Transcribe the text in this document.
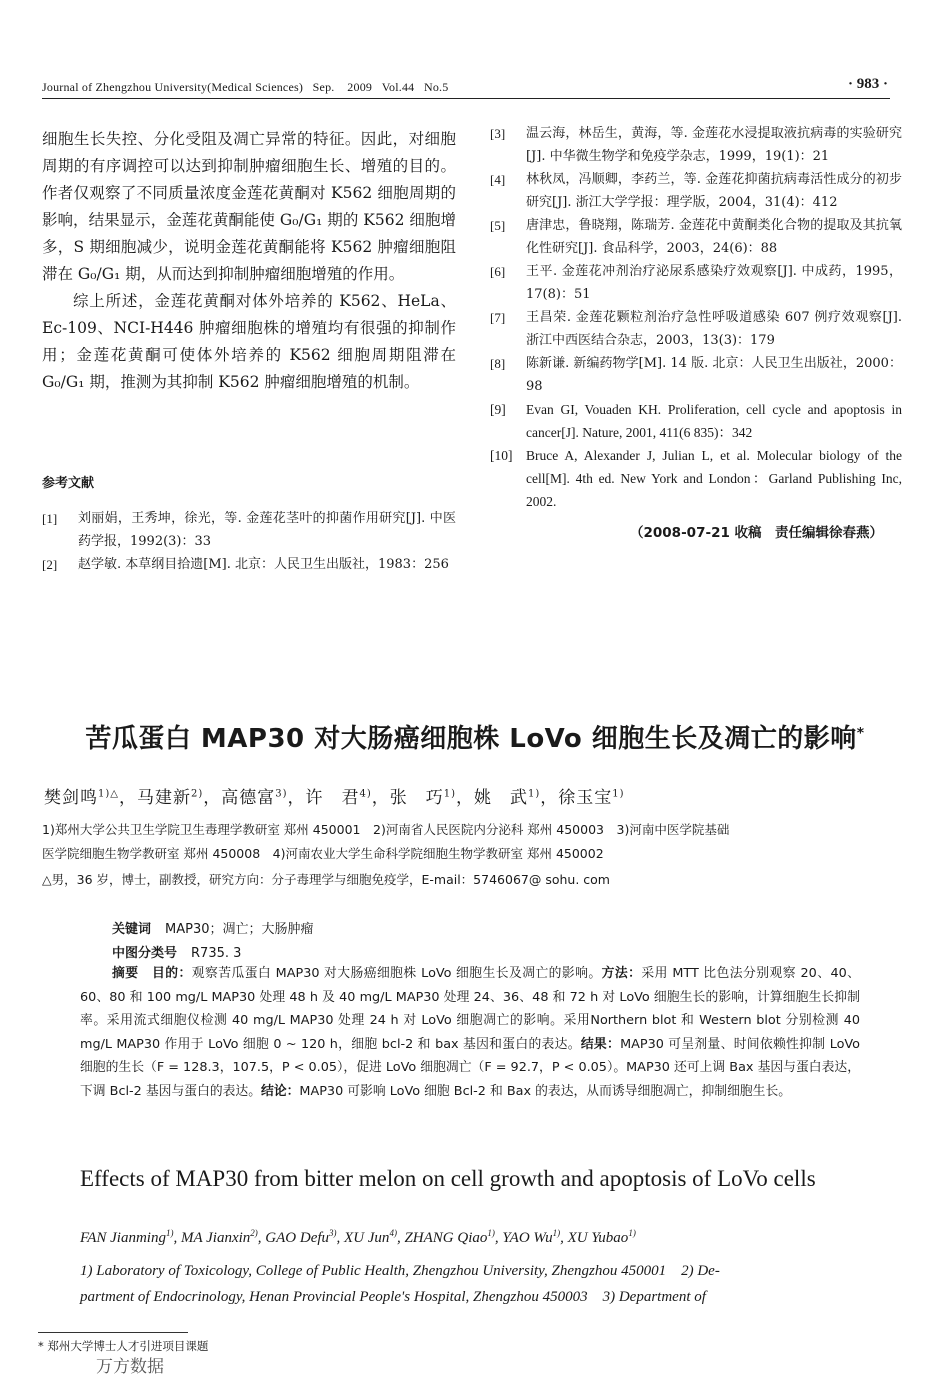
Journal of Zhengzhou University(Medical Sciences) Sep. 2009 Vol.44 No.5	· 983 ·

细胞生长失控、分化受阻及凋亡异常的特征。因此，对细胞周期的有序调控可以达到抑制肿瘤细胞生长、增殖的目的。作者仅观察了不同质量浓度金莲花黄酮对 K562 细胞周期的影响，结果显示，金莲花黄酮能使 G₀/G₁ 期的 K562 细胞增多，S 期细胞减少，说明金莲花黄酮能将 K562 肿瘤细胞阻滞在 G₀/G₁ 期，从而达到抑制肿瘤细胞增殖的作用。

综上所述，金莲花黄酮对体外培养的 K562、HeLa、Ec-109、NCI-H446 肿瘤细胞株的增殖均有很强的抑制作用；金莲花黄酮可使体外培养的 K562 细胞周期阻滞在 G₀/G₁ 期，推测为其抑制 K562 肿瘤细胞增殖的机制。

参考文献
[1]	刘丽娟，王秀坤，徐光，等. 金莲花茎叶的抑菌作用研究[J]. 中医药学报，1992(3)：33
[2]	赵学敏. 本草纲目拾遗[M]. 北京：人民卫生出版社，1983：256
[3]	温云海，林岳生，黄海，等. 金莲花水浸提取液抗病毒的实验研究[J]. 中华微生物学和免疫学杂志，1999，19(1)：21
[4]	林秋凤，冯顺卿，李药兰，等. 金莲花抑菌抗病毒活性成分的初步研究[J]. 浙江大学学报：理学版，2004，31(4)：412
[5]	唐津忠，鲁晓翔，陈瑞芳. 金莲花中黄酮类化合物的提取及其抗氧化性研究[J]. 食品科学，2003，24(6)：88
[6]	王平. 金莲花冲剂治疗泌尿系感染疗效观察[J]. 中成药，1995，17(8)：51
[7]	王昌荣. 金莲花颗粒剂治疗急性呼吸道感染 607 例疗效观察[J]. 浙江中西医结合杂志，2003，13(3)：179
[8]	陈新谦. 新编药物学[M]. 14 版. 北京：人民卫生出版社，2000：98
[9]	Evan GI, Vouaden KH. Proliferation, cell cycle and apoptosis in cancer[J]. Nature, 2001, 411(6 835)：342
[10]	Bruce A, Alexander J, Julian L, et al. Molecular biology of the cell[M]. 4th ed. New York and London：Garland Publishing Inc, 2002.
（2008-07-21 收稿　责任编辑徐春燕）
苦瓜蛋白 MAP30 对大肠癌细胞株 LoVo 细胞生长及凋亡的影响*
樊剑鸣$^{1)\triangle}$，马建新$^{2)}$，高德富$^{3)}$，许　君$^{4)}$，张　巧$^{1)}$，姚　武$^{1)}$，徐玉宝$^{1)}$
1)郑州大学公共卫生学院卫生毒理学教研室 郑州 450001　2)河南省人民医院内分泌科 郑州 450003　3)河南中医学院基础
医学院细胞生物学教研室 郑州 450008　4)河南农业大学生命科学院细胞生物学教研室 郑州 450002
△男，36 岁，博士，副教授，研究方向：分子毒理学与细胞免疫学，E-mail：5746067@ sohu. com
关键词 MAP30；凋亡；大肠肿瘤
中图分类号 R735. 3
摘要 目的：观察苦瓜蛋白 MAP30 对大肠癌细胞株 LoVo 细胞生长及凋亡的影响。方法：采用 MTT 比色法分别观察 20、40、60、80 和 100 mg/L MAP30 处理 48 h 及 40 mg/L MAP30 处理 24、36、48 和 72 h 对 LoVo 细胞生长的影响，计算细胞生长抑制率。采用流式细胞仪检测 40 mg/L MAP30 处理 24 h 对 LoVo 细胞凋亡的影响。采用Northern blot 和 Western blot 分别检测 40 mg/L MAP30 作用于 LoVo 细胞 0 ~ 120 h，细胞 bcl-2 和 bax 基因和蛋白的表达。结果：MAP30 可呈剂量、时间依赖性抑制 LoVo 细胞的生长（F = 128.3，107.5，P < 0.05），促进 LoVo 细胞凋亡（F = 92.7，P < 0.05）。MAP30 还可上调 Bax 基因与蛋白表达，下调 Bcl-2 基因与蛋白的表达。结论：MAP30 可影响 LoVo 细胞 Bcl-2 和 Bax 的表达，从而诱导细胞凋亡，抑制细胞生长。
Effects of MAP30 from bitter melon on cell growth and apoptosis of LoVo cells
FAN Jianming$^{1)}$, MA Jianxin$^{2)}$, GAO Defu$^{3)}$, XU Jun$^{4)}$, ZHANG Qiao$^{1)}$, YAO Wu$^{1)}$, XU Yubao$^{1)}$
1) Laboratory of Toxicology, College of Public Health, Zhengzhou University, Zhengzhou 450001　2) De-
partment of Endocrinology, Henan Provincial People's Hospital, Zhengzhou 450003　3) Department of
* 郑州大学博士人才引进项目课题
万方数据
